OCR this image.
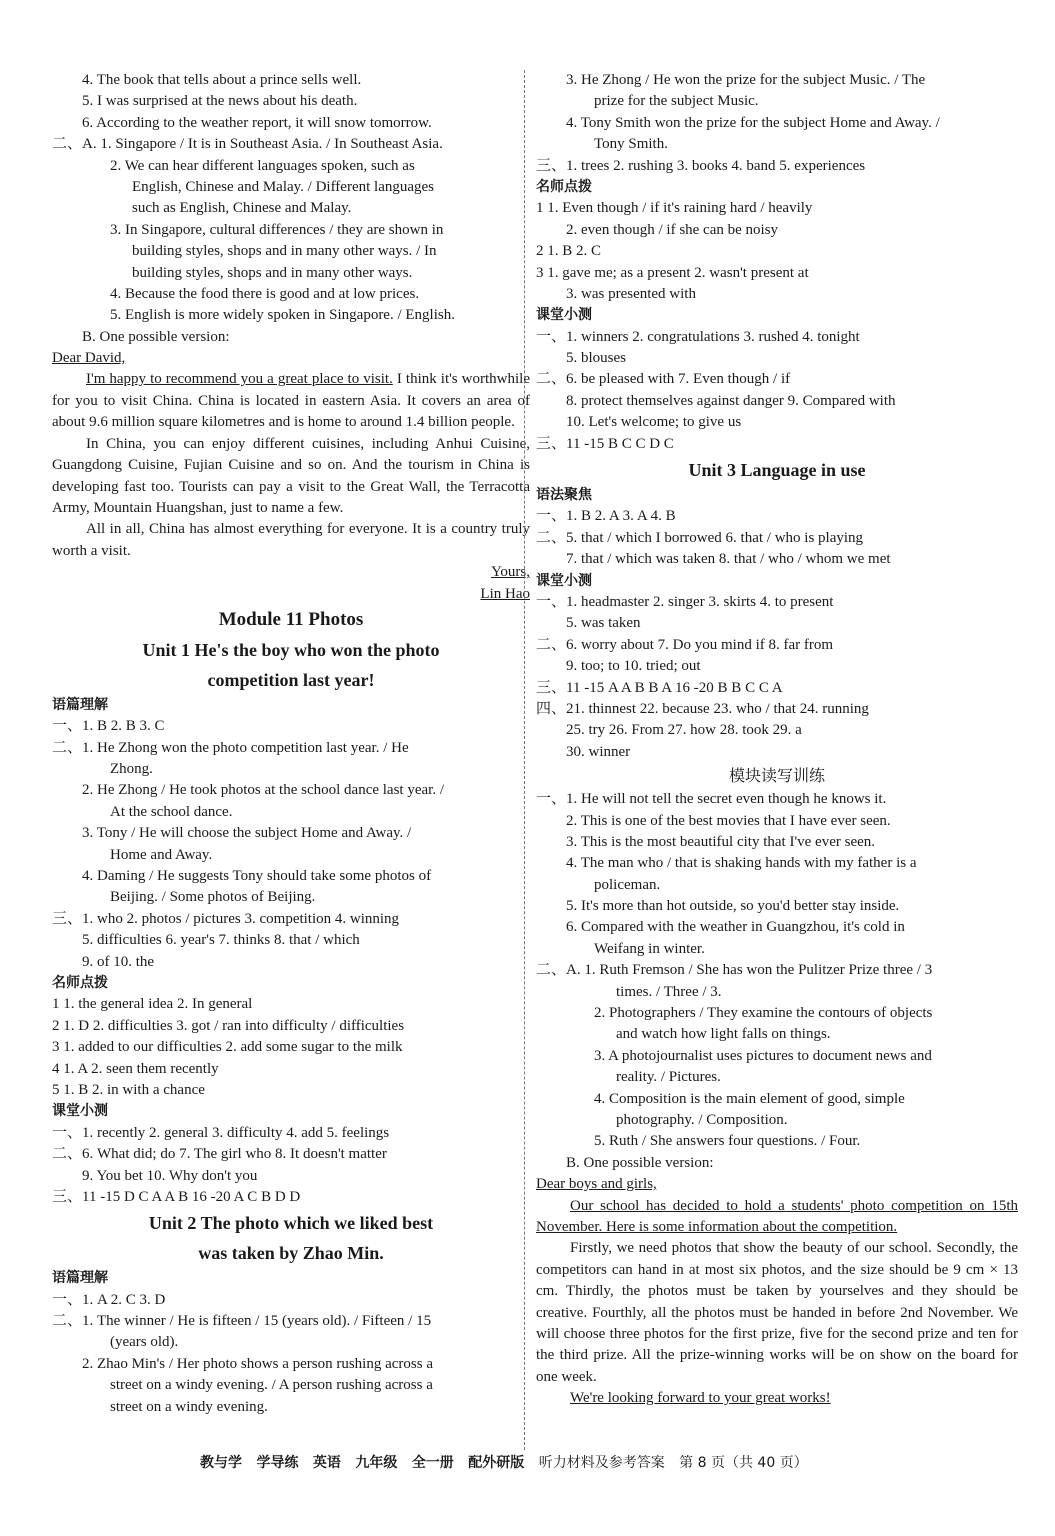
4. The book that tells about a prince sells well.
5. I was surprised at the news about his death.
6. According to the weather report, it will snow tomorrow.
二、A. 1. Singapore / It is in Southeast Asia. / In Southeast Asia.
2. We can hear different languages spoken, such as
English, Chinese and Malay. / Different languages
such as English, Chinese and Malay.
3. In Singapore, cultural differences / they are shown in
building styles, shops and in many other ways. / In
building styles, shops and in many other ways.
4. Because the food there is good and at low prices.
5. English is more widely spoken in Singapore. / English.
B. One possible version:
Dear David,
I'm happy to recommend you a great place to visit. I think it's worthwhile for you to visit China. China is located in eastern Asia. It covers an area of about 9.6 million square kilometres and is home to around 1.4 billion people.
In China, you can enjoy different cuisines, including Anhui Cuisine, Guangdong Cuisine, Fujian Cuisine and so on. And the tourism in China is developing fast too. Tourists can pay a visit to the Great Wall, the Terracotta Army, Mountain Huangshan, just to name a few.
All in all, China has almost everything for everyone. It is a country truly worth a visit.
Yours,
Lin Hao
Module 11 Photos
Unit 1 He's the boy who won the photo
competition last year!
语篇理解
一、1. B 2. B 3. C
二、1. He Zhong won the photo competition last year. / He
Zhong.
2. He Zhong / He took photos at the school dance last year. /
At the school dance.
3. Tony / He will choose the subject Home and Away. /
Home and Away.
4. Daming / He suggests Tony should take some photos of
Beijing. / Some photos of Beijing.
三、1. who 2. photos / pictures 3. competition 4. winning
5. difficulties 6. year's 7. thinks 8. that / which
9. of 10. the
名师点拨
1 1. the general idea 2. In general
2 1. D 2. difficulties 3. got / ran into difficulty / difficulties
3 1. added to our difficulties 2. add some sugar to the milk
4 1. A 2. seen them recently
5 1. B 2. in with a chance
课堂小测
一、1. recently 2. general 3. difficulty 4. add 5. feelings
二、6. What did; do 7. The girl who 8. It doesn't matter
9. You bet 10. Why don't you
三、11 -15 D C A A B 16 -20 A C B D D
Unit 2 The photo which we liked best
was taken by Zhao Min.
语篇理解
一、1. A 2. C 3. D
二、1. The winner / He is fifteen / 15 (years old). / Fifteen / 15
(years old).
2. Zhao Min's / Her photo shows a person rushing across a
street on a windy evening. / A person rushing across a
street on a windy evening.
3. He Zhong / He won the prize for the subject Music. / The
prize for the subject Music.
4. Tony Smith won the prize for the subject Home and Away. /
Tony Smith.
三、1. trees 2. rushing 3. books 4. band 5. experiences
名师点拨
1 1. Even though / if it's raining hard / heavily
2. even though / if she can be noisy
2 1. B 2. C
3 1. gave me; as a present 2. wasn't present at
3. was presented with
课堂小测
一、1. winners 2. congratulations 3. rushed 4. tonight
5. blouses
二、6. be pleased with 7. Even though / if
8. protect themselves against danger 9. Compared with
10. Let's welcome; to give us
三、11 -15 B C C D C
Unit 3 Language in use
语法聚焦
一、1. B 2. A 3. A 4. B
二、5. that / which I borrowed 6. that / who is playing
7. that / which was taken 8. that / who / whom we met
课堂小测
一、1. headmaster 2. singer 3. skirts 4. to present
5. was taken
二、6. worry about 7. Do you mind if 8. far from
9. too; to 10. tried; out
三、11 -15 A A B B A 16 -20 B B C C A
四、21. thinnest 22. because 23. who / that 24. running
25. try 26. From 27. how 28. took 29. a
30. winner
模块读写训练
一、1. He will not tell the secret even though he knows it.
2. This is one of the best movies that I have ever seen.
3. This is the most beautiful city that I've ever seen.
4. The man who / that is shaking hands with my father is a
policeman.
5. It's more than hot outside, so you'd better stay inside.
6. Compared with the weather in Guangzhou, it's cold in
Weifang in winter.
二、A. 1. Ruth Fremson / She has won the Pulitzer Prize three / 3
times. / Three / 3.
2. Photographers / They examine the contours of objects
and watch how light falls on things.
3. A photojournalist uses pictures to document news and
reality. / Pictures.
4. Composition is the main element of good, simple
photography. / Composition.
5. Ruth / She answers four questions. / Four.
B. One possible version:
Dear boys and girls,
Our school has decided to hold a students' photo competition on 15th November. Here is some information about the competition.
Firstly, we need photos that show the beauty of our school. Secondly, the competitors can hand in at most six photos, and the size should be 9 cm × 13 cm. Thirdly, the photos must be taken by yourselves and they should be creative. Fourthly, all the photos must be handed in before 2nd November. We will choose three photos for the first prize, five for the second prize and ten for the third prize. All the prize-winning works will be on show on the board for one week.
We're looking forward to your great works!
教与学 学导练 英语 九年级 全一册 配外研版 听力材料及参考答案 第 8 页（共 40 页）
